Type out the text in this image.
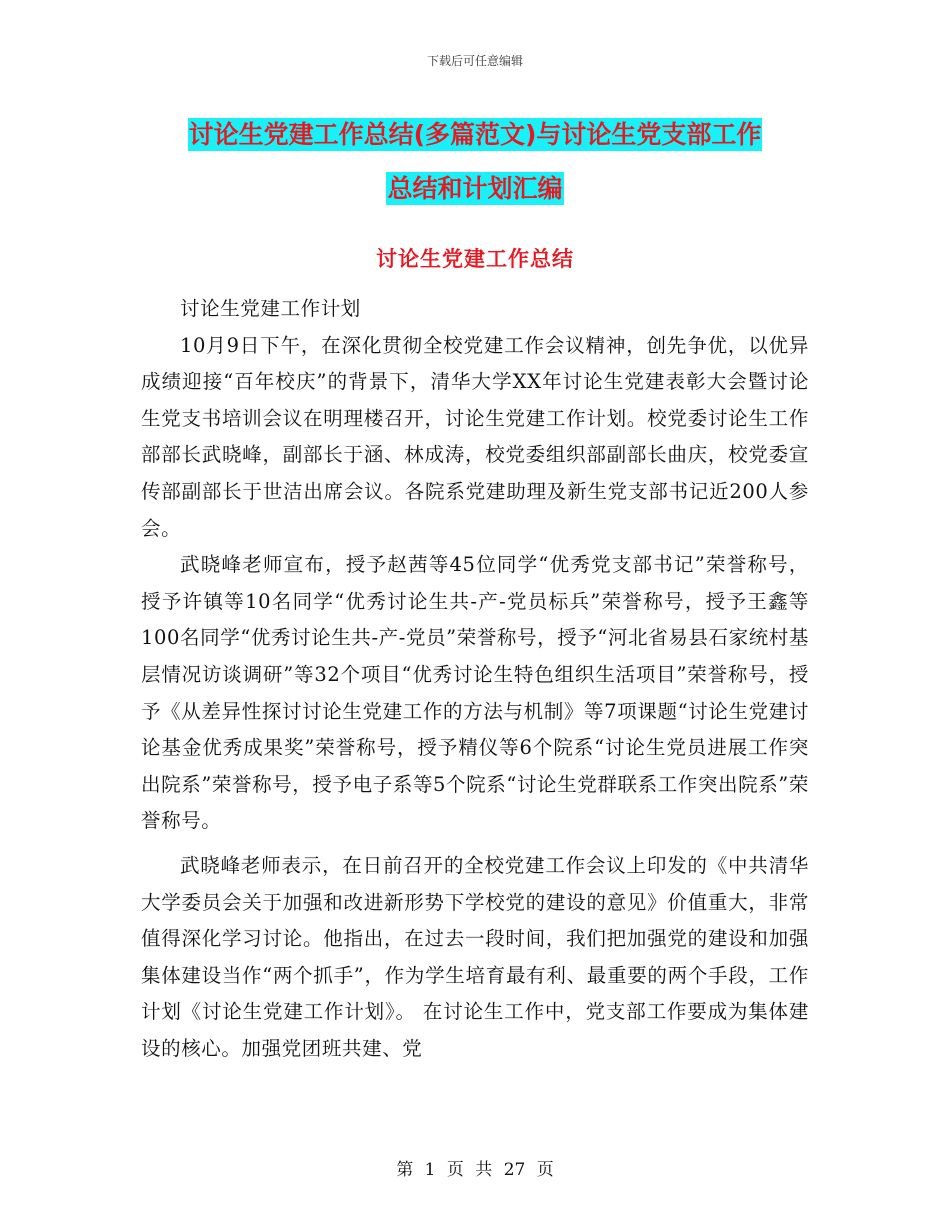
下载后可任意编辑
讨论生党建工作总结(多篇范文)与讨论生党支部工作
总结和计划汇编
讨论生党建工作总结

讨论生党建工作计划

10月9日下午，在深化贯彻全校党建工作会议精神，创先争优，以优异成绩迎接“百年校庆”的背景下，清华大学XX年讨论生党建表彰大会暨讨论生党支书培训会议在明理楼召开，讨论生党建工作计划。校党委讨论生工作部部长武晓峰，副部长于涵、林成涛，校党委组织部副部长曲庆，校党委宣传部副部长于世洁出席会议。各院系党建助理及新生党支部书记近200人参会。

武晓峰老师宣布，授予赵茜等45位同学“优秀党支部书记”荣誉称号，授予许镇等10名同学“优秀讨论生共-产-党员标兵”荣誉称号，授予王鑫等100名同学“优秀讨论生共-产-党员”荣誉称号，授予“河北省易县石家统村基层情况访谈调研”等32个项目“优秀讨论生特色组织生活项目”荣誉称号，授予《从差异性探讨讨论生党建工作的方法与机制》等7项课题“讨论生党建讨论基金优秀成果奖”荣誉称号，授予精仪等6个院系“讨论生党员进展工作突出院系”荣誉称号，授予电子系等5个院系“讨论生党群联系工作突出院系”荣誉称号。

武晓峰老师表示，在日前召开的全校党建工作会议上印发的《中共清华大学委员会关于加强和改进新形势下学校党的建设的意见》价值重大，非常值得深化学习讨论。他指出，在过去一段时间，我们把加强党的建设和加强集体建设当作“两个抓手”，作为学生培育最有利、最重要的两个手段，工作计划《讨论生党建工作计划》。 在讨论生工作中，党支部工作要成为集体建设的核心。加强党团班共建、党

第 1 页 共 27 页
